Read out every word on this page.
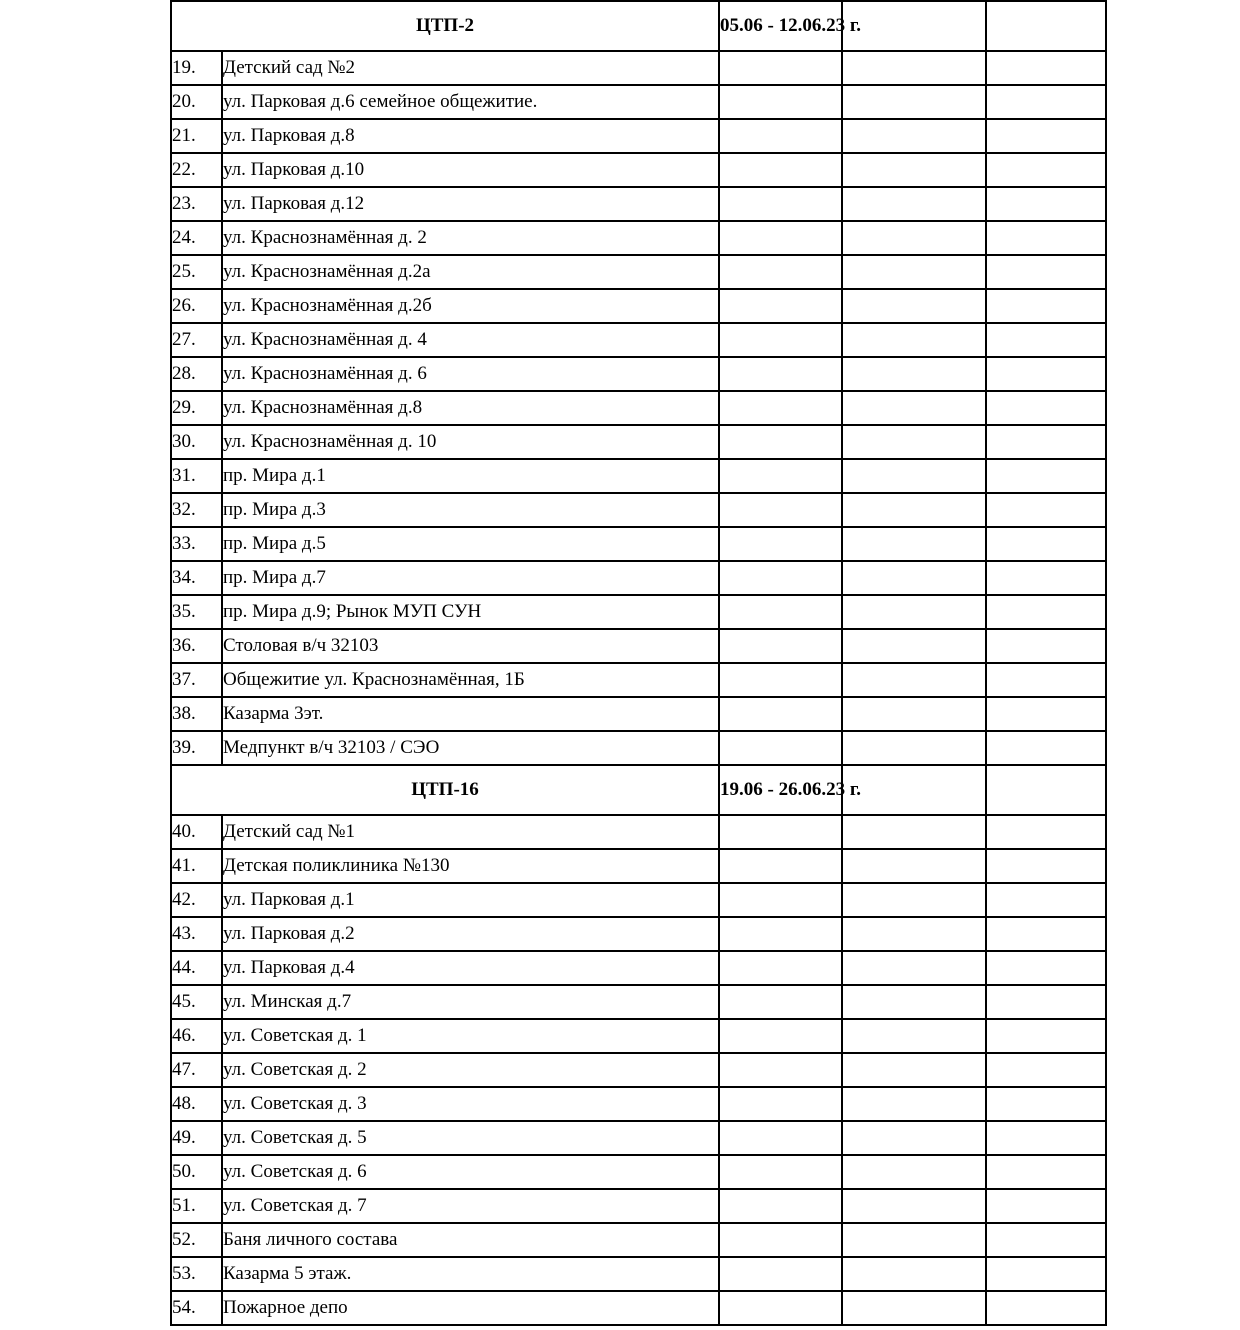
ЦТП-2		05.06 - 12.06.23 г.		
19.	Детский сад №2			
20.	ул. Парковая д.6 семейное общежитие.			
21.	ул. Парковая д.8			
22.	ул. Парковая д.10			
23.	ул. Парковая д.12			
24.	ул. Краснознамённая д. 2			
25.	ул. Краснознамённая д.2а			
26.	ул. Краснознамённая д.2б			
27.	ул. Краснознамённая д. 4			
28.	ул. Краснознамённая д. 6			
29.	ул. Краснознамённая д.8			
30.	ул. Краснознамённая д. 10			
31.	пр. Мира д.1			
32.	пр. Мира д.3			
33.	пр. Мира д.5			
34.	пр. Мира д.7			
35.	пр. Мира д.9; Рынок МУП СУН			
36.	Столовая в/ч 32103			
37.	Общежитие ул. Краснознамённая, 1Б			
38.	Казарма 3эт.			
39.	Медпункт в/ч 32103 / СЭО			
ЦТП-16		19.06 - 26.06.23 г.		
40.	Детский сад №1			
41.	Детская поликлиника №130			
42.	ул. Парковая д.1			
43.	ул. Парковая д.2			
44.	ул. Парковая д.4			
45.	ул. Минская д.7			
46.	ул. Советская д. 1			
47.	ул. Советская д. 2			
48.	ул. Советская д. 3			
49.	ул. Советская д. 5			
50.	ул. Советская д. 6			
51.	ул. Советская д. 7			
52.	Баня личного состава			
53.	Казарма 5 этаж.			
54.	Пожарное депо			
